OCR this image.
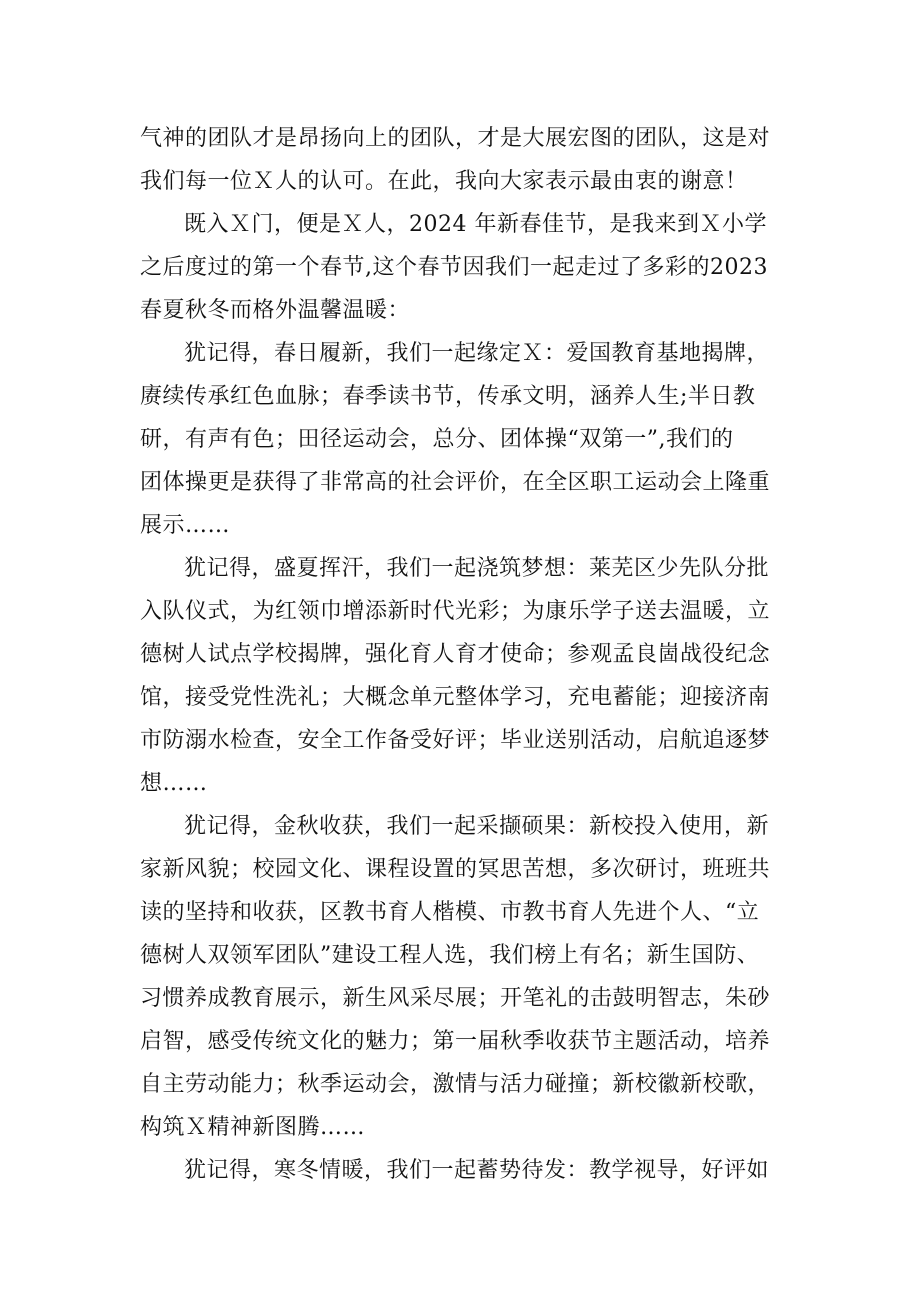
气神的团队才是昂扬向上的团队，才是大展宏图的团队，这是对
我们每一位Ｘ人的认可。在此，我向大家表示最由衷的谢意！

既入Ｘ门，便是Ｘ人，2024 年新春佳节，是我来到Ｘ小学
之后度过的第一个春节,这个春节因我们一起走过了多彩的2023
春夏秋冬而格外温馨温暖：

犹记得，春日履新，我们一起缘定Ｘ：爱国教育基地揭牌，
赓续传承红色血脉；春季读书节，传承文明，涵养人生;半日教
研，有声有色；田径运动会，总分、团体操“双第一”,我们的
团体操更是获得了非常高的社会评价，在全区职工运动会上隆重
展示……

犹记得，盛夏挥汗，我们一起浇筑梦想：莱芜区少先队分批
入队仪式，为红领巾增添新时代光彩；为康乐学子送去温暖，立
德树人试点学校揭牌，强化育人育才使命；参观孟良崮战役纪念
馆，接受党性洗礼；大概念单元整体学习，充电蓄能；迎接济南
市防溺水检查，安全工作备受好评；毕业送别活动，启航追逐梦
想……

犹记得，金秋收获，我们一起采撷硕果：新校投入使用，新
家新风貌；校园文化、课程设置的冥思苦想，多次研讨，班班共
读的坚持和收获，区教书育人楷模、市教书育人先进个人、“立
德树人双领军团队”建设工程人选，我们榜上有名；新生国防、
习惯养成教育展示，新生风采尽展；开笔礼的击鼓明智志，朱砂
启智，感受传统文化的魅力；第一届秋季收获节主题活动，培养
自主劳动能力；秋季运动会，激情与活力碰撞；新校徽新校歌，
构筑Ｘ精神新图腾……

犹记得，寒冬情暖，我们一起蓄势待发：教学视导，好评如
